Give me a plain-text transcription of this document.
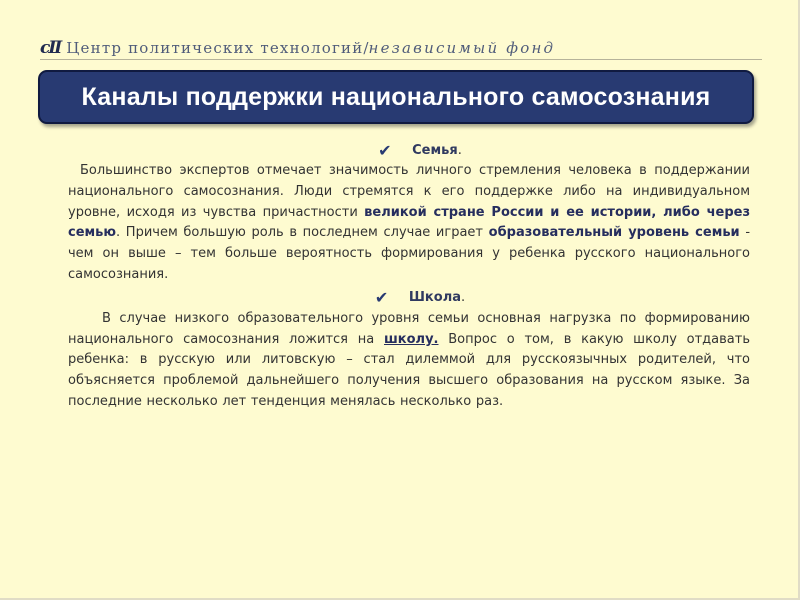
cII Центр политических технологий / независимый фонд
Каналы поддержки национального самосознания
✔ Семья.

Большинство экспертов отмечает значимость личного стремления человека в поддержании национального самосознания. Люди стремятся к его поддержке либо на индивидуальном уровне, исходя из чувства причастности великой стране России и ее истории, либо через семью. Причем большую роль в последнем случае играет образовательный уровень семьи - чем он выше – тем больше вероятность формирования у ребенка русского национального самосознания.

✔ Школа.

В случае низкого образовательного уровня семьи основная нагрузка по формированию национального самосознания ложится на школу. Вопрос о том, в какую школу отдавать ребенка: в русскую или литовскую – стал дилеммой для русскоязычных родителей, что объясняется проблемой дальнейшего получения высшего образования на русском языке. За последние несколько лет тенденция менялась несколько раз.
